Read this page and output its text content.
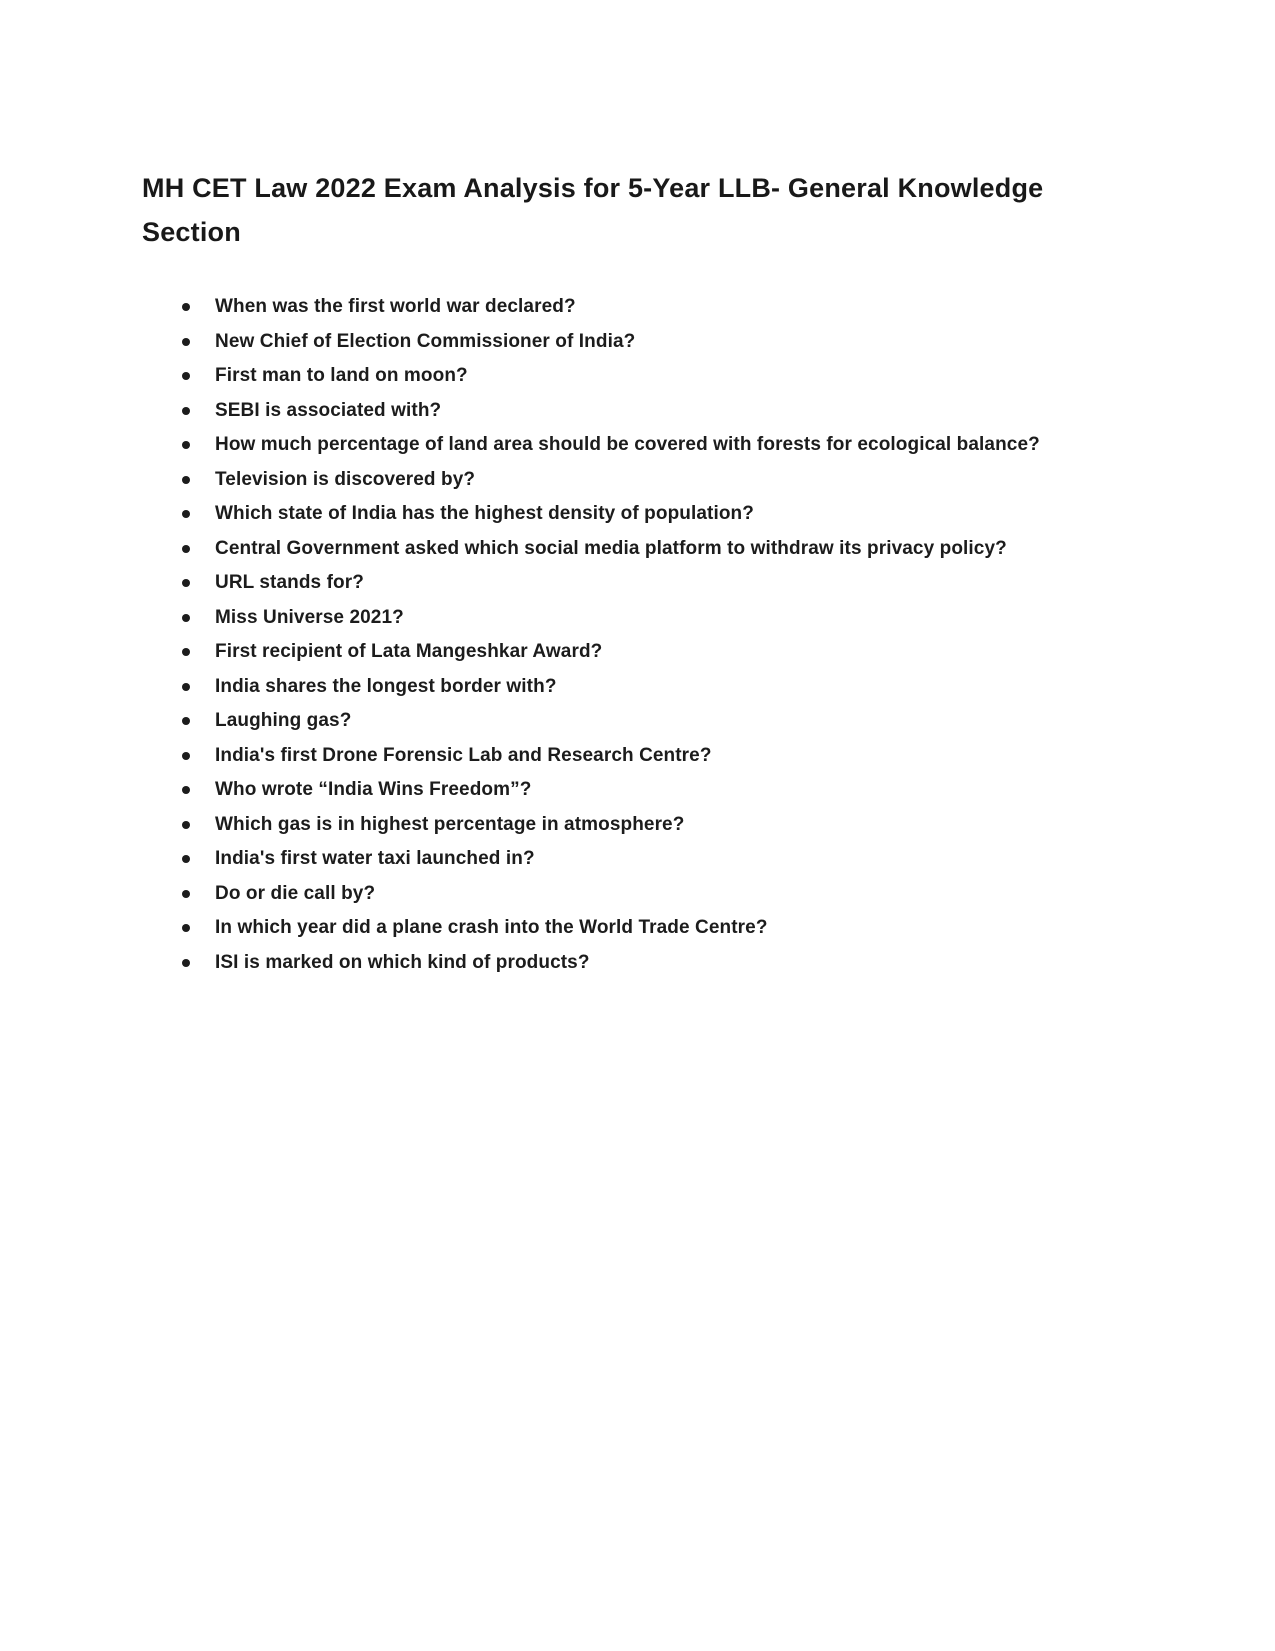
MH CET Law 2022 Exam Analysis for 5-Year LLB- General Knowledge Section
When was the first world war declared?
New Chief of Election Commissioner of India?
First man to land on moon?
SEBI is associated with?
How much percentage of land area should be covered with forests for ecological balance?
Television is discovered by?
Which state of India has the highest density of population?
Central Government asked which social media platform to withdraw its privacy policy?
URL stands for?
Miss Universe 2021?
First recipient of Lata Mangeshkar Award?
India shares the longest border with?
Laughing gas?
India's first Drone Forensic Lab and Research Centre?
Who wrote “India Wins Freedom”?
Which gas is in highest percentage in atmosphere?
India's first water taxi launched in?
Do or die call by?
In which year did a plane crash into the World Trade Centre?
ISI is marked on which kind of products?
